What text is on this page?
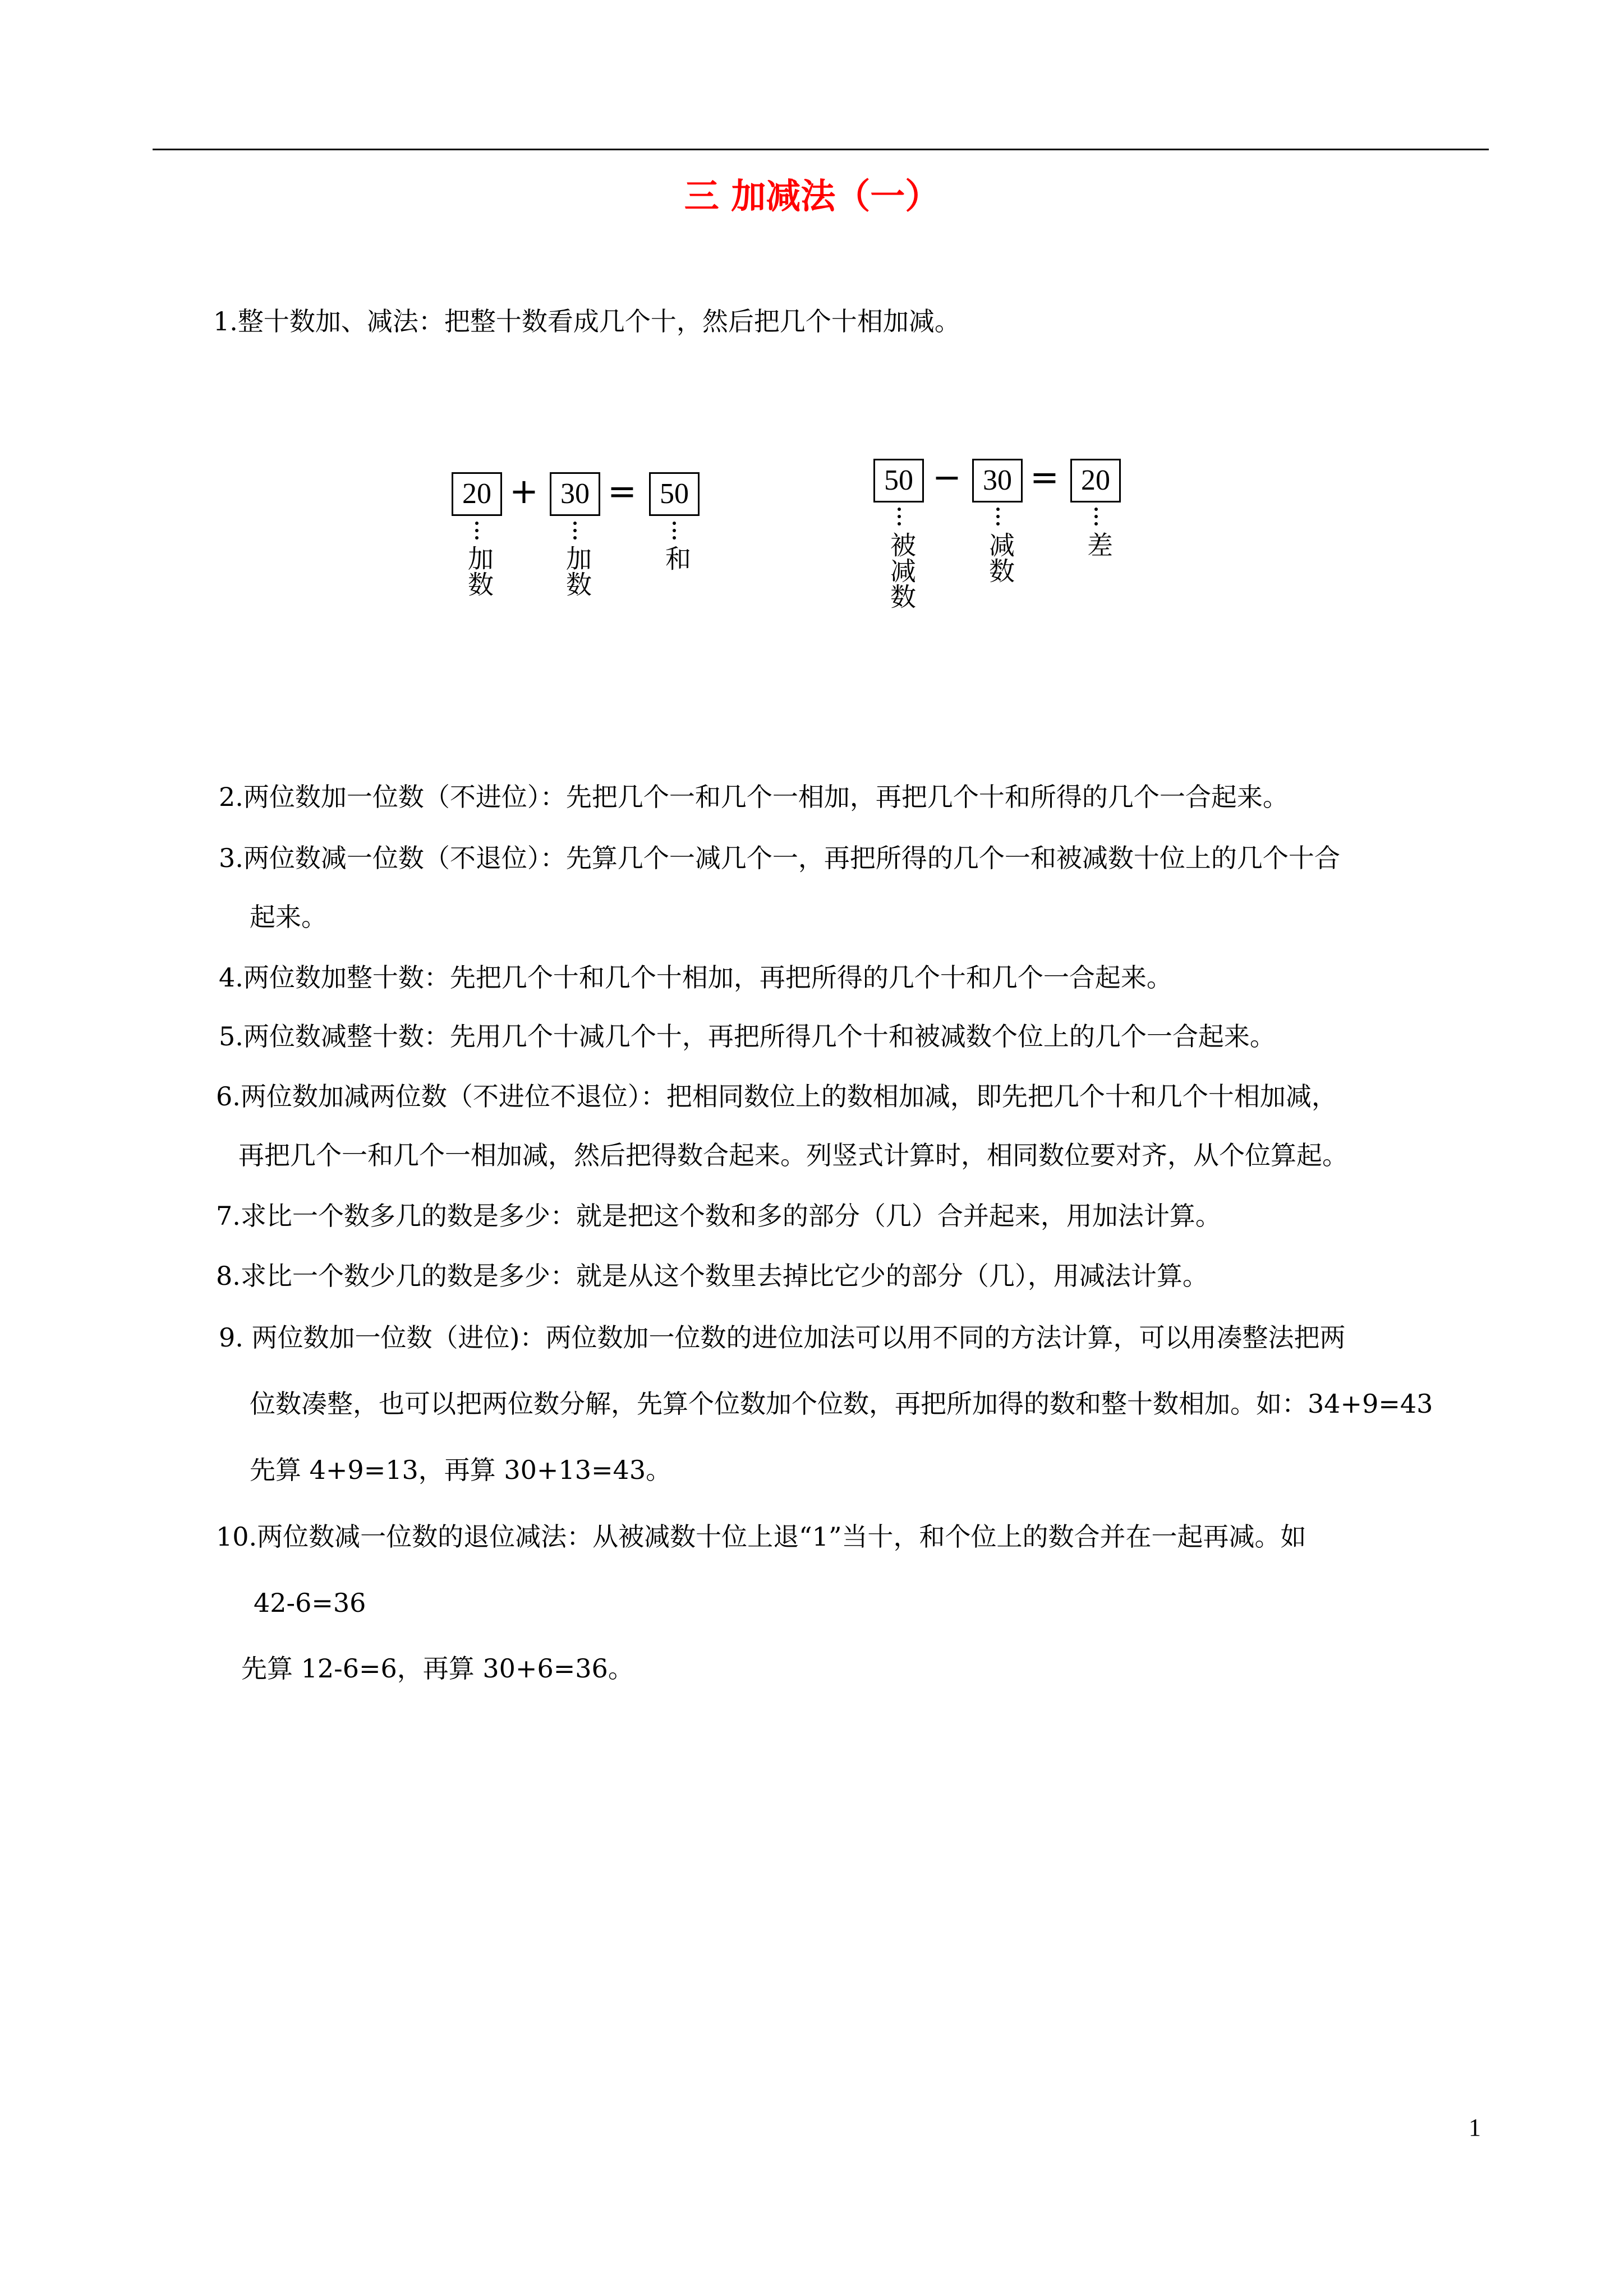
三 加减法（一）
1.整十数加、减法：把整十数看成几个十，然后把几个十相加减。
20 + 30 = 50
加数	加数	和
50 − 30 = 20
被减数	减数	差
2.两位数加一位数（不进位）：先把几个一和几个一相加，再把几个十和所得的几个一合起来。
3.两位数减一位数（不退位）：先算几个一减几个一，再把所得的几个一和被减数十位上的几个十合
起来。
4.两位数加整十数：先把几个十和几个十相加，再把所得的几个十和几个一合起来。
5.两位数减整十数：先用几个十减几个十，再把所得几个十和被减数个位上的几个一合起来。
6.两位数加减两位数（不进位不退位）：把相同数位上的数相加减，即先把几个十和几个十相加减，
再把几个一和几个一相加减，然后把得数合起来。列竖式计算时，相同数位要对齐，从个位算起。
7.求比一个数多几的数是多少：就是把这个数和多的部分（几）合并起来，用加法计算。
8.求比一个数少几的数是多少：就是从这个数里去掉比它少的部分（几），用减法计算。
9. 两位数加一位数（进位)：两位数加一位数的进位加法可以用不同的方法计算，可以用凑整法把两
位数凑整，也可以把两位数分解，先算个位数加个位数，再把所加得的数和整十数相加。如：34+9=43
先算 4+9=13，再算 30+13=43。
10.两位数减一位数的退位减法：从被减数十位上退“1”当十，和个位上的数合并在一起再减。如
42-6=36
先算 12-6=6，再算 30+6=36。
1
